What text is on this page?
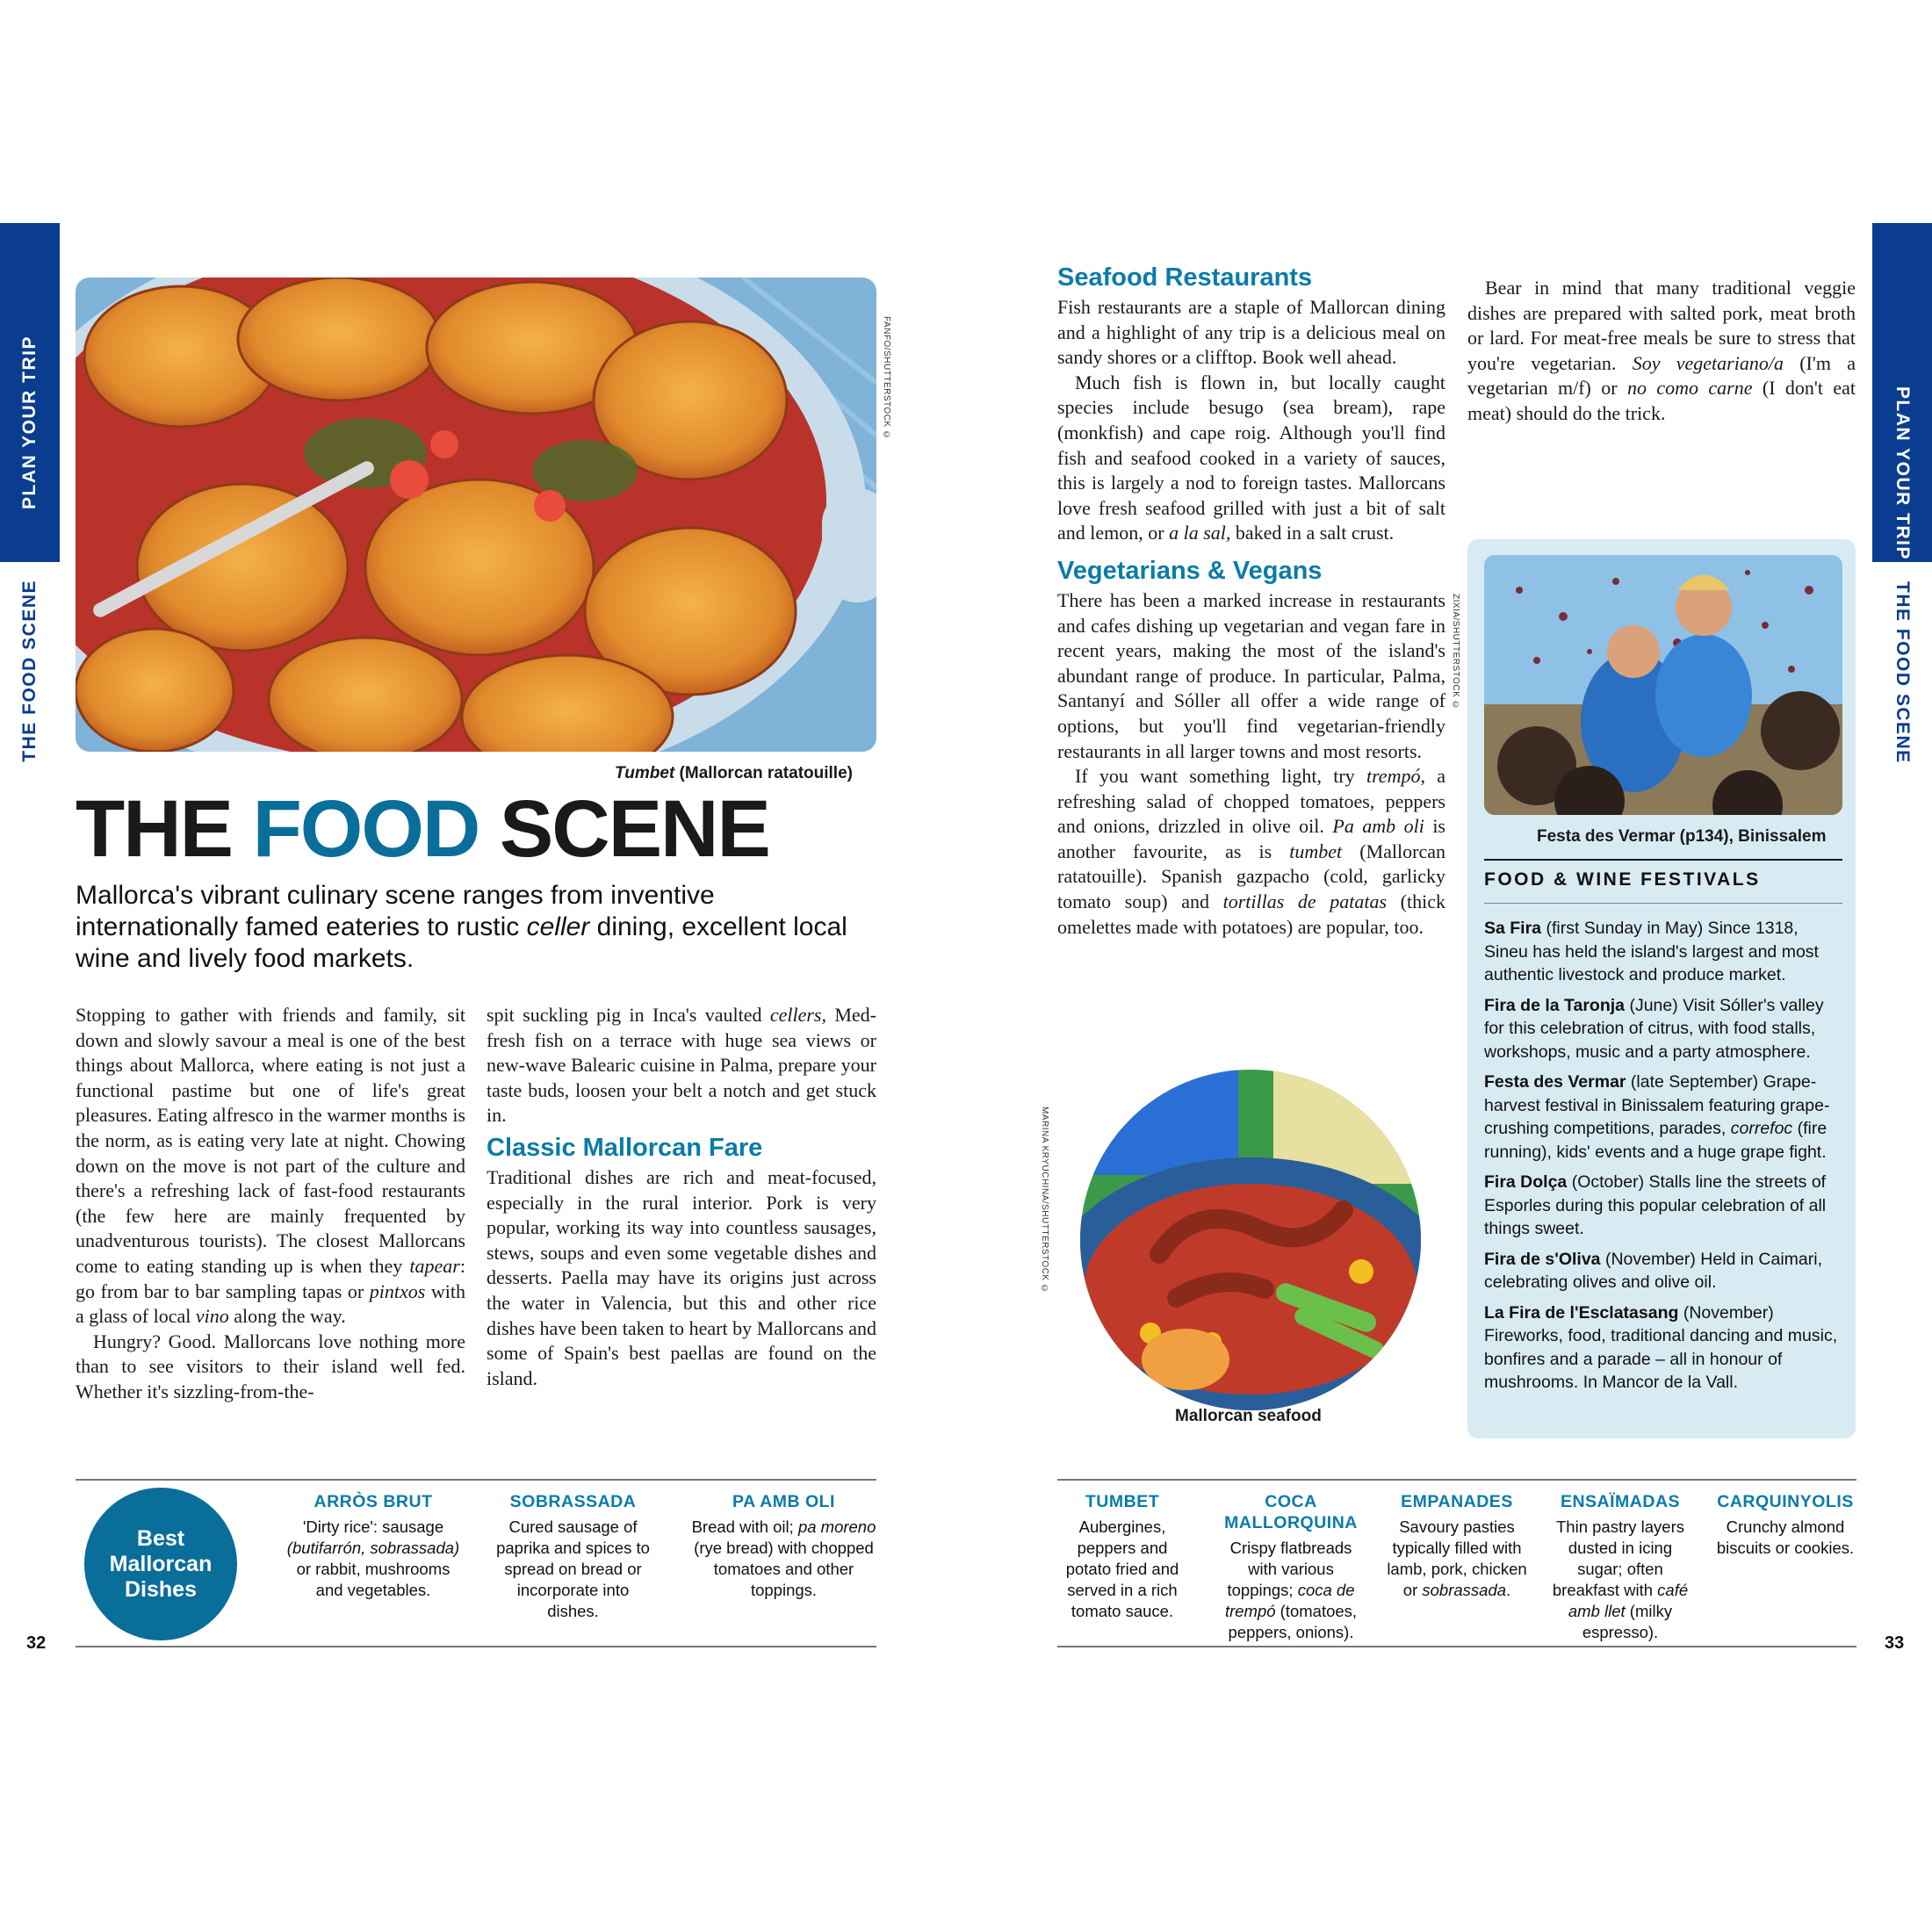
PLAN YOUR TRIP
THE FOOD SCENE
PLAN YOUR TRIP
THE FOOD SCENE
FANFO/SHUTTERSTOCK ©
Tumbet (Mallorcan ratatouille)
THE FOOD SCENE
Mallorca's vibrant culinary scene ranges from inventive internationally famed eateries to rustic celler dining, excellent local wine and lively food markets.

Stopping to gather with friends and family, sit down and slowly savour a meal is one of the best things about Mallorca, where eating is not just a functional pastime but one of life's great pleasures. Eating alfresco in the warmer months is the norm, as is eating very late at night. Chowing down on the move is not part of the culture and there's a refreshing lack of fast-food restaurants (the few here are mainly frequented by unadventurous tourists). The closest Mallorcans come to eating standing up is when they tapear: go from bar to bar sampling tapas or pintxos with a glass of local vino along the way.

Hungry? Good. Mallorcans love nothing more than to see visitors to their island well fed. Whether it's sizzling-from-the-

spit suckling pig in Inca's vaulted cellers, Med-fresh fish on a terrace with huge sea views or new-wave Balearic cuisine in Palma, prepare your taste buds, loosen your belt a notch and get stuck in.

Classic Mallorcan Fare

Traditional dishes are rich and meat-focused, especially in the rural interior. Pork is very popular, working its way into countless sausages, stews, soups and even some vegetable dishes and desserts. Paella may have its origins just across the water in Valencia, but this and other rice dishes have been taken to heart by Mallorcans and some of Spain's best paellas are found on the island.

Seafood Restaurants

Fish restaurants are a staple of Mallorcan dining and a highlight of any trip is a delicious meal on sandy shores or a clifftop. Book well ahead.

Much fish is flown in, but locally caught species include besugo (sea bream), rape (monkfish) and cape roig. Although you'll find fish and seafood cooked in a variety of sauces, this is largely a nod to foreign tastes. Mallorcans love fresh seafood grilled with just a bit of salt and lemon, or a la sal, baked in a salt crust.

Vegetarians & Vegans

There has been a marked increase in restaurants and cafes dishing up vegetarian and vegan fare in recent years, making the most of the island's abundant range of produce. In particular, Palma, Santanyí and Sóller all offer a wide range of options, but you'll find vegetarian-friendly restaurants in all larger towns and most resorts.

If you want something light, try trempó, a refreshing salad of chopped tomatoes, peppers and onions, drizzled in olive oil. Pa amb oli is another favourite, as is tumbet (Mallorcan ratatouille). Spanish gazpacho (cold, garlicky tomato soup) and tortillas de patatas (thick omelettes made with potatoes) are popular, too.

Bear in mind that many traditional veggie dishes are prepared with salted pork, meat broth or lard. For meat-free meals be sure to stress that you're vegetarian. Soy vegetariano/a (I'm a vegetarian m/f) or no como carne (I don't eat meat) should do the trick.

ZIXIA/SHUTTERSTOCK ©
Festa des Vermar (p134), Binissalem
FOOD & WINE FESTIVALS

Sa Fira (first Sunday in May) Since 1318, Sineu has held the island's largest and most authentic livestock and produce market.

Fira de la Taronja (June) Visit Sóller's valley for this celebration of citrus, with food stalls, workshops, music and a party atmosphere.

Festa des Vermar (late September) Grape-harvest festival in Binissalem featuring grape-crushing competitions, parades, correfoc (fire running), kids' events and a huge grape fight.

Fira Dolça (October) Stalls line the streets of Esporles during this popular celebration of all things sweet.

Fira de s'Oliva (November) Held in Caimari, celebrating olives and olive oil.

La Fira de l'Esclatasang (November) Fireworks, food, traditional dancing and music, bonfires and a parade – all in honour of mushrooms. In Mancor de la Vall.

MARINA KRYUCHINA/SHUTTERSTOCK ©
Mallorcan seafood
Best Mallorcan Dishes
ARRÒS BRUT
'Dirty rice': sausage (butifarrón, sobrassada) or rabbit, mushrooms and vegetables.
SOBRASSADA
Cured sausage of paprika and spices to spread on bread or incorporate into dishes.
PA AMB OLI
Bread with oil; pa moreno (rye bread) with chopped tomatoes and other toppings.
TUMBET
Aubergines, peppers and potato fried and served in a rich tomato sauce.
COCA MALLORQUINA
Crispy flatbreads with various toppings; coca de trempó (tomatoes, peppers, onions).
EMPANADES
Savoury pasties typically filled with lamb, pork, chicken or sobrassada.
ENSAÏMADAS
Thin pastry layers dusted in icing sugar; often breakfast with café amb llet (milky espresso).
CARQUINYOLIS
Crunchy almond biscuits or cookies.
32	33
